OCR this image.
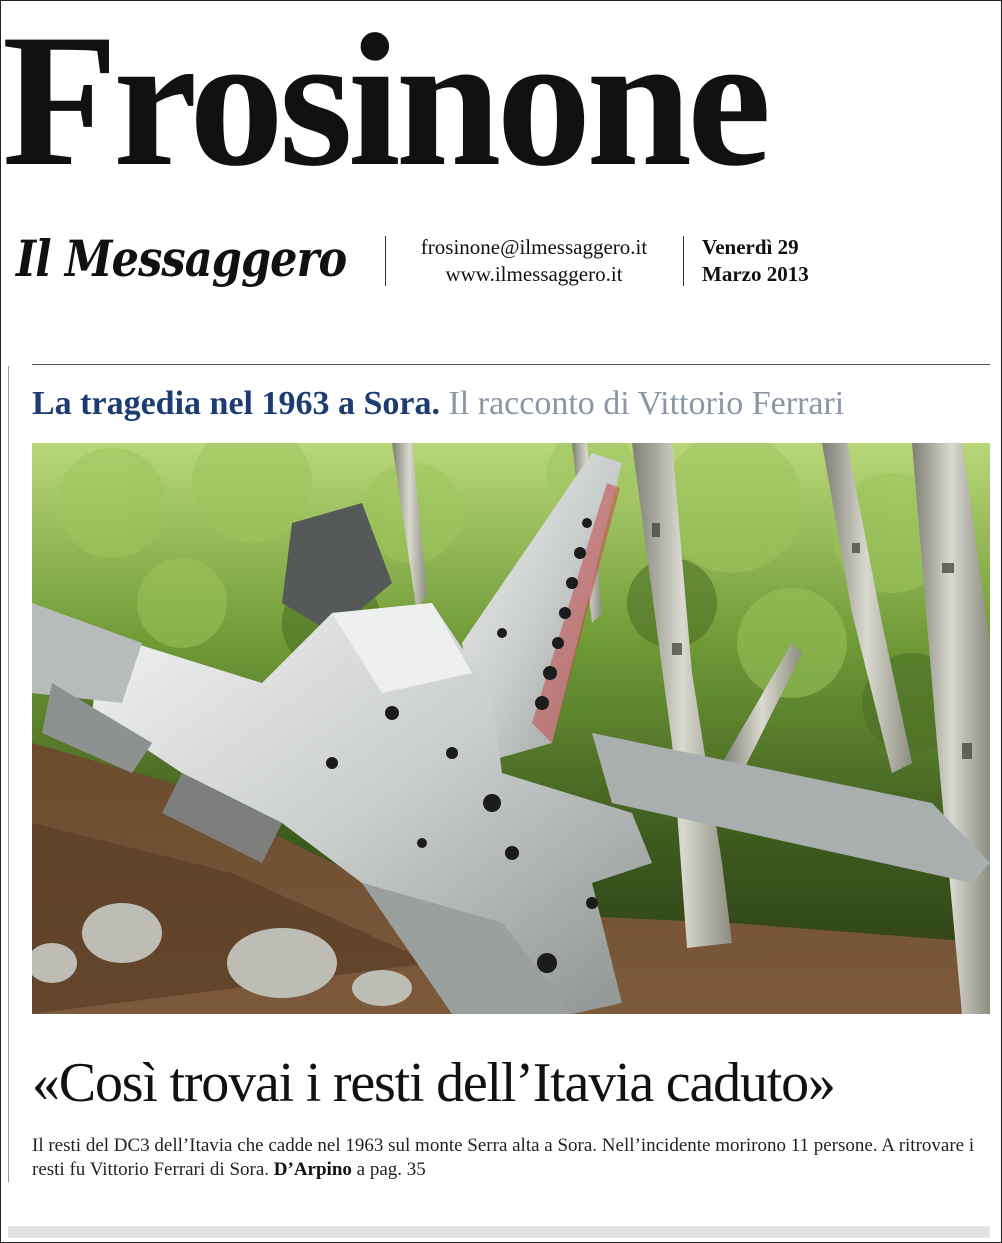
Frosinone
Il Messaggero	frosinone@ilmessaggero.it
www.ilmessaggero.it
Venerdì 29
Marzo 2013
La tragedia nel 1963 a Sora. Il racconto di Vittorio Ferrari
«Così trovai i resti dell’Itavia caduto»
Il resti del DC3 dell’Itavia che cadde nel 1963 sul monte Serra alta a Sora. Nell’incidente morirono 11 persone. A ritrovare i resti fu Vittorio Ferrari di Sora. D’Arpino a pag. 35
